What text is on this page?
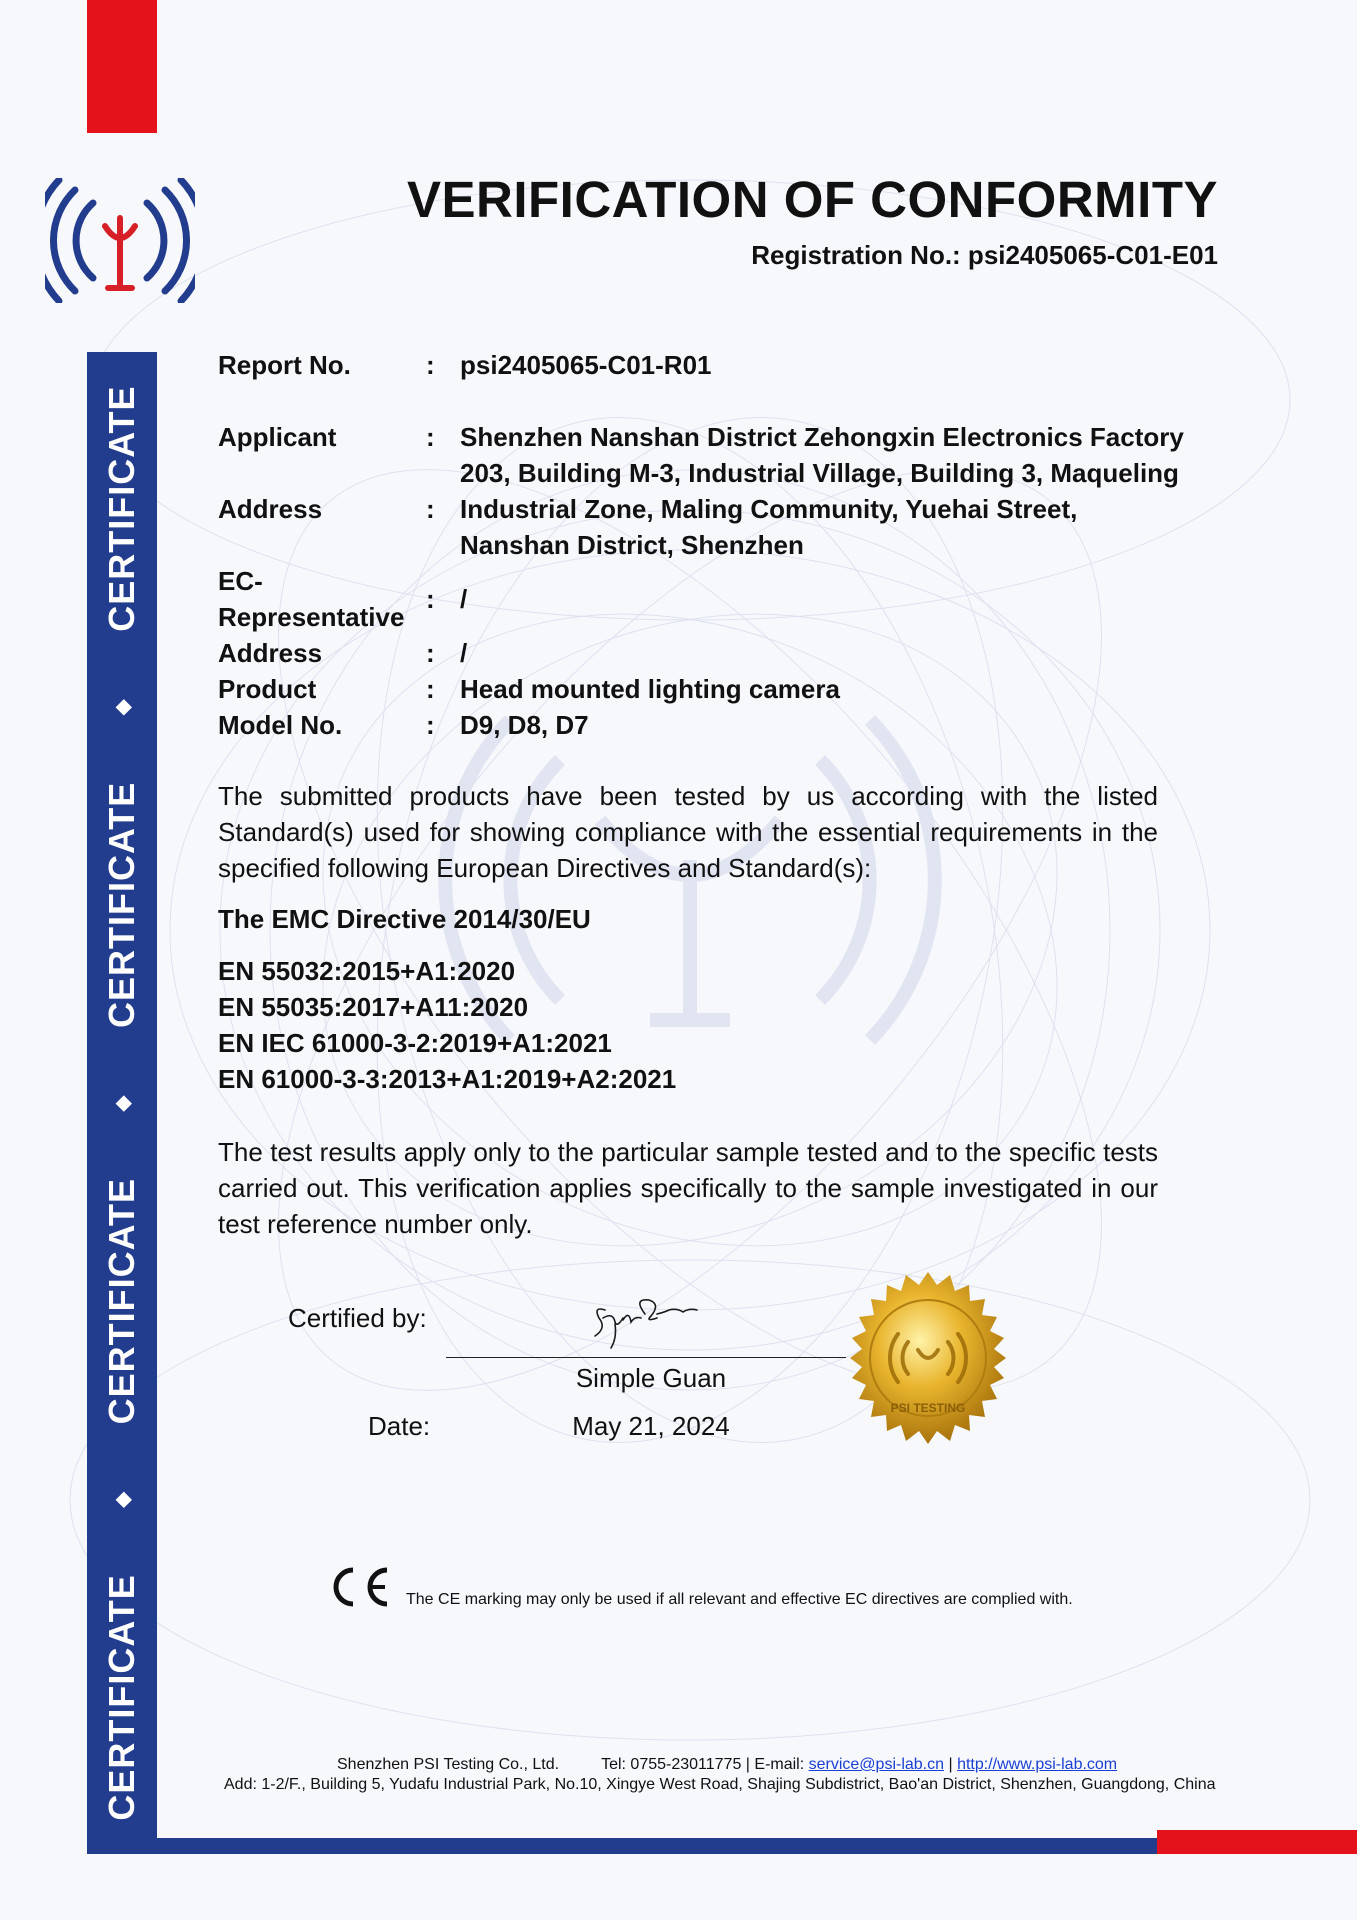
CERTIFICATE
◆
CERTIFICATE
◆
CERTIFICATE
◆
CERTIFICATE
VERIFICATION OF CONFORMITY
Registration No.: psi2405065-C01-E01
Report No.	: psi2405065-C01-R01
Applicant	: Shenzhen Nanshan District Zehongxin Electronics Factory
203, Building M-3, Industrial Village, Building 3, Maqueling
Address	: Industrial Zone, Maling Community, Yuehai Street,
Nanshan District, Shenzhen
EC-
Representative
: /
Address	: /
Product	: Head mounted lighting camera
Model No.	: D9, D8, D7
The submitted products have been tested by us according with the listed Standard(s) used for showing compliance with the essential requirements in the specified following European Directives and Standard(s):
The EMC Directive 2014/30/EU
EN 55032:2015+A1:2020
EN 55035:2017+A11:2020
EN IEC 61000-3-2:2019+A1:2021
EN 61000-3-3:2013+A1:2019+A2:2021
The test results apply only to the particular sample tested and to the specific tests carried out. This verification applies specifically to the sample investigated in our test reference number only.
Certified by:
Simple Guan
Date:	May 21, 2024
PSI TESTING
The CE marking may only be used if all relevant and effective EC directives are complied with.
Shenzhen PSI Testing Co., Ltd.	Tel: 0755-23011775 | E-mail: service@psi-lab.cn | http://www.psi-lab.com
Add: 1-2/F., Building 5, Yudafu Industrial Park, No.10, Xingye West Road, Shajing Subdistrict, Bao'an District, Shenzhen, Guangdong, China
